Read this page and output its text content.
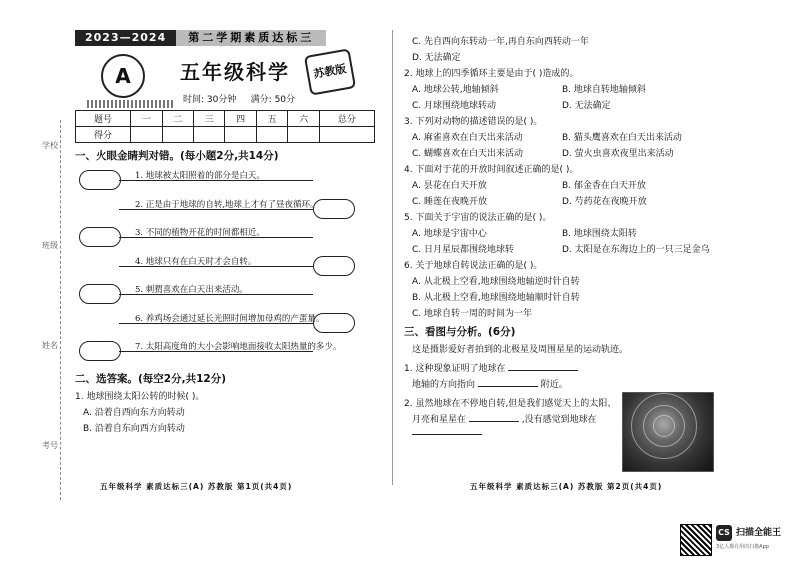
学校
班级
姓名
考号
2023—2024	第二学期素质达标三
A	五年级科学	苏教版
时间: 30分钟 满分: 50分
题号	一	二	三	四	五	六	总分
得分							
一、火眼金睛判对错。(每小题2分,共14分)
1. 地球被太阳照着的部分是白天。
2. 正是由于地球的自转,地球上才有了昼夜循环。
3. 不同的植物开花的时间都相近。
4. 地球只有在白天时才会自转。
5. 刺猬喜欢在白天出来活动。
6. 养鸡场会通过延长光照时间增加母鸡的产蛋量。
7. 太阳高度角的大小会影响地面接收太阳热量的多少。
二、选答案。(每空2分,共12分)
1. 地球围绕太阳公转的时候( )。
A. 沿着自西向东方向转动
B. 沿着自东向西方向转动
五年级科学 素质达标三(A) 苏教版 第1页(共4页)
C. 先自西向东转动一年,再自东向西转动一年
D. 无法确定
2. 地球上的四季循环主要是由于( )造成的。
A. 地球公转,地轴倾斜	B. 地球自转地轴倾斜
C. 月球围绕地球转动	D. 无法确定
3. 下列对动物的描述错误的是( )。
A. 麻雀喜欢在白天出来活动	B. 猫头鹰喜欢在白天出来活动
C. 蝴蝶喜欢在白天出来活动	D. 萤火虫喜欢夜里出来活动
4. 下面对于花的开放时间叙述正确的是( )。
A. 昙花在白天开放	B. 郁金香在白天开放
C. 睡莲在夜晚开放	D. 芍药花在夜晚开放
5. 下面关于宇宙的说法正确的是( )。
A. 地球是宇宙中心	B. 地球围绕太阳转
C. 日月星辰都围绕地球转	D. 太阳是在东海边上的一只三足金乌
6. 关于地球自转说法正确的是( )。
A. 从北极上空看,地球围绕地轴逆时针自转
B. 从北极上空看,地球围绕地轴顺时针自转
C. 地球自转一周的时间为一年
三、看图与分析。(6分)
这是摄影爱好者拍到的北极星及周围星星的运动轨迹。
1. 这种现象证明了地球在
地轴的方向指向	附近。
2. 虽然地球在不停地自转,但是我们感觉天上的太阳、
月亮和星星在	,没有感觉到地球在
五年级科学 素质达标三(A) 苏教版 第2页(共4页)
CS 扫描全能王
3亿人都在用的扫描App
